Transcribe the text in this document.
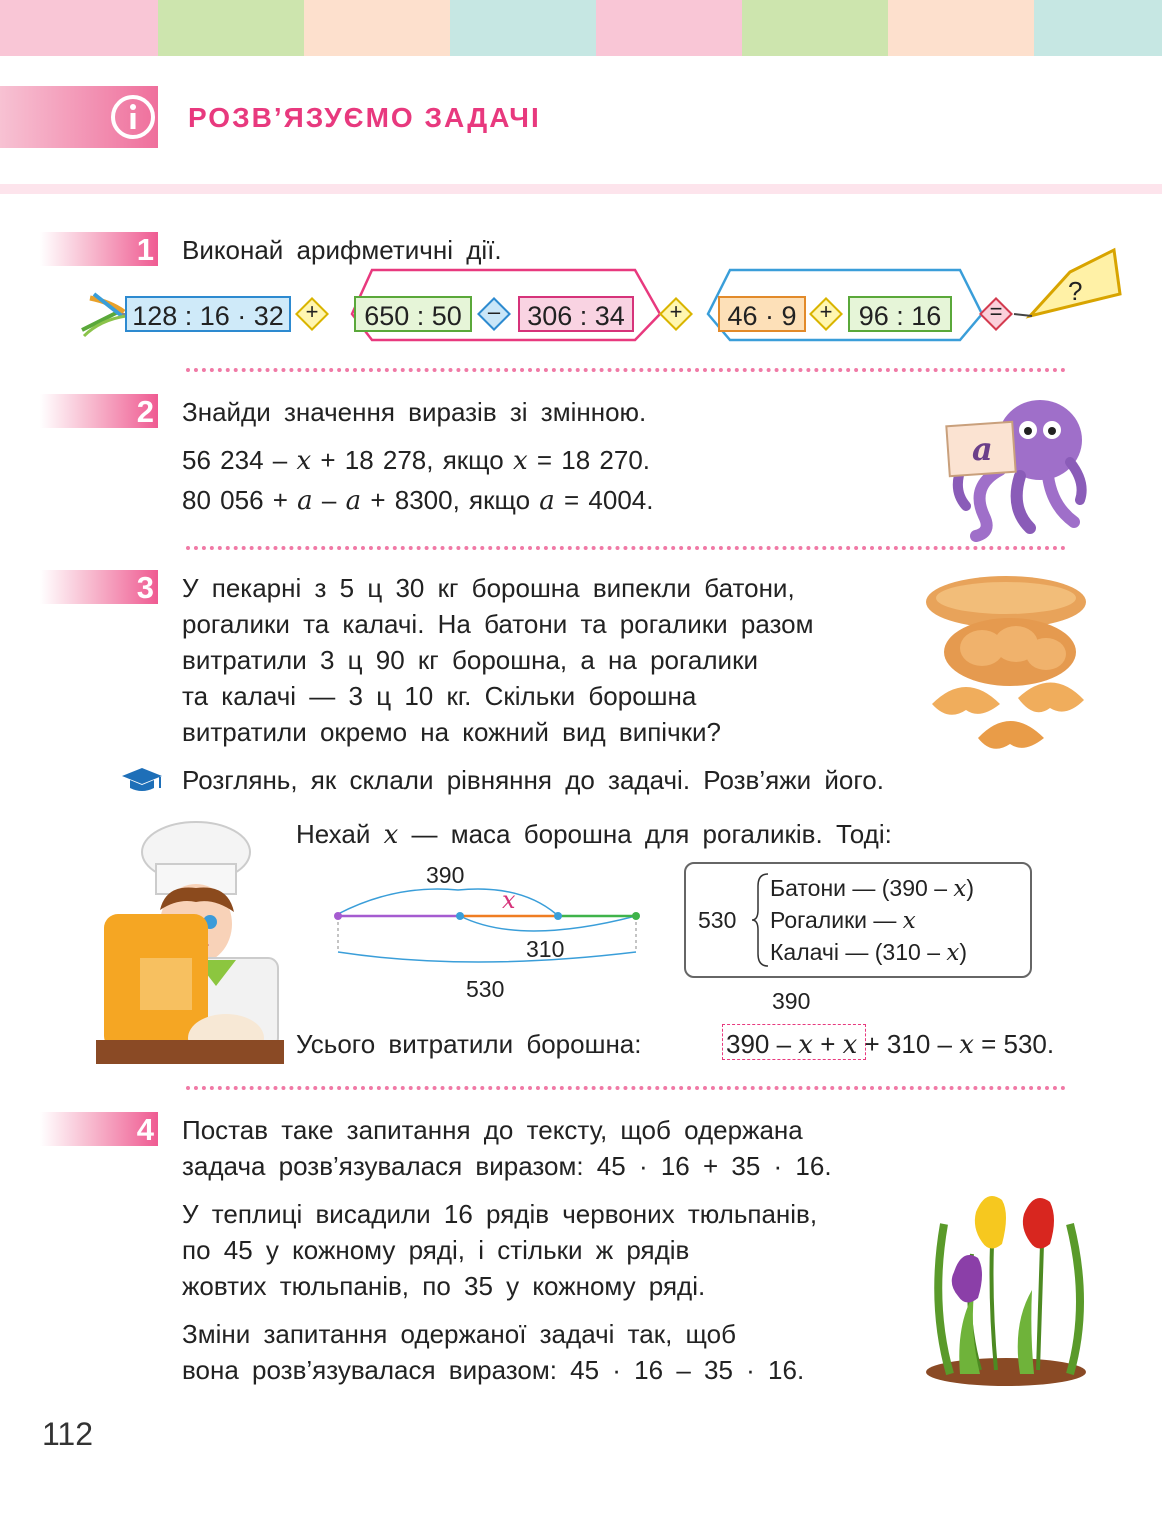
РОЗВ’ЯЗУЄМО ЗАДАЧІ
1 Виконай арифметичні дії.
128 : 16 · 32 +	650 : 50	–	306 : 34	+	46 · 9	+ 96 : 16	=
?
2 Знайди значення виразів зі змінною.
56 234 – x + 18 278, якщо x = 18 270.
80 056 + a – a + 8300, якщо a = 4004.
a
3 У пекарні з 5 ц 30 кг борошна випекли батони,
рогалики та калачі. На батони та рогалики разом
витратили 3 ц 90 кг борошна, а на рогалики
та калачі — 3 ц 10 кг. Скільки борошна
витратили окремо на кожний вид випічки?
Розглянь, як склали рівняння до задачі. Розв’яжи його.
Нехай x — маса борошна для рогаликів. Тоді:
390
x
310
530
530
Батони — (390 – x)
Рогалики — x
Калачі — (310 – x)
390
Усього витратили борошна:	390 – x + x + 310 – x = 530.
4 Постав таке запитання до тексту, щоб одержана
задача розв’язувалася виразом: 45 · 16 + 35 · 16.
У теплиці висадили 16 рядів червоних тюльпанів,
по 45 у кожному ряді, і стільки ж рядів
жовтих тюльпанів, по 35 у кожному ряді.
Зміни запитання одержаної задачі так, щоб
вона розв’язувалася виразом: 45 · 16 – 35 · 16.
112
